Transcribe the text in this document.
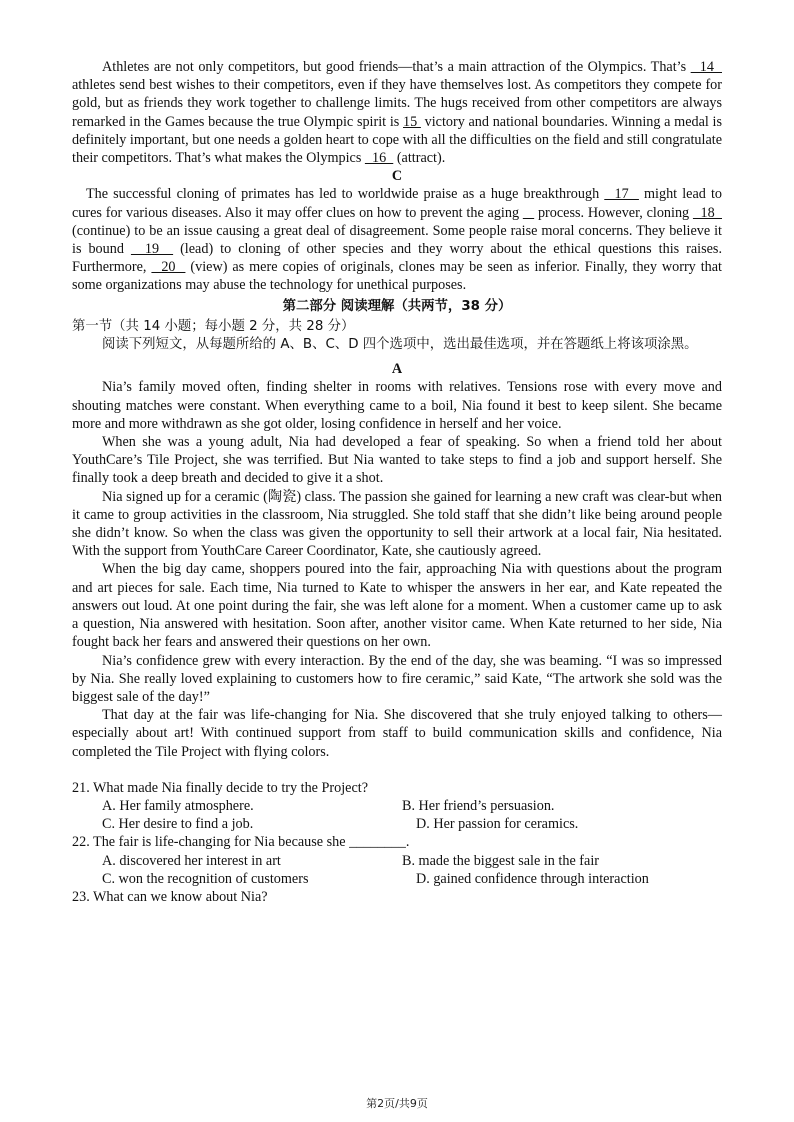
Athletes are not only competitors, but good friends—that’s a main attraction of the Olympics. That’s   14   athletes send best wishes to their competitors, even if they have themselves lost. As competitors they compete for gold, but as friends they work together to challenge limits. The hugs received from other competitors are always remarked in the Games because the true Olympic spirit is 15  victory and national boundaries. Winning a medal is definitely important, but one needs a golden heart to cope with all the difficulties on the field and still congratulate their competitors. That’s what makes the Olympics   16   (attract).

C

The successful cloning of primates has led to worldwide praise as a huge breakthrough   17   might lead to cures for various diseases. Also it may offer clues on how to prevent the aging     process. However, cloning   18   (continue) to be an issue causing a great deal of disagreement. Some people raise moral concerns. They believe it is bound   19   (lead) to cloning of other species and they worry about the ethical questions this raises. Furthermore,   20   (view) as mere copies of originals, clones may be seen as inferior. Finally, they worry that some organizations may abuse the technology for unethical purposes.

第二部分 阅读理解（共两节，38 分）

第一节（共 14 小题；每小题 2 分，共 28 分）

阅读下列短文，从每题所给的 A、B、C、D 四个选项中，选出最佳选项，并在答题纸上将该项涂黑。

A

Nia’s family moved often, finding shelter in rooms with relatives. Tensions rose with every move and shouting matches were constant. When everything came to a boil, Nia found it best to keep silent. She became more and more withdrawn as she got older, losing confidence in herself and her voice.

When she was a young adult, Nia had developed a fear of speaking. So when a friend told her about YouthCare’s Tile Project, she was terrified. But Nia wanted to take steps to find a job and support herself. She finally took a deep breath and decided to give it a shot.

Nia signed up for a ceramic (陶瓷) class. The passion she gained for learning a new craft was clear-but when it came to group activities in the classroom, Nia struggled. She told staff that she didn’t like being around people she didn’t know. So when the class was given the opportunity to sell their artwork at a local fair, Nia hesitated. With the support from YouthCare Career Coordinator, Kate, she cautiously agreed.

When the big day came, shoppers poured into the fair, approaching Nia with questions about the program and art pieces for sale. Each time, Nia turned to Kate to whisper the answers in her ear, and Kate repeated the answers out loud. At one point during the fair, she was left alone for a moment. When a customer came up to ask a question, Nia answered with hesitation. Soon after, another visitor came. When Kate returned to her side, Nia fought back her fears and answered their questions on her own.

Nia’s confidence grew with every interaction. By the end of the day, she was beaming. “I was so impressed by Nia. She really loved explaining to customers how to fire ceramic,” said Kate, “The artwork she sold was the biggest sale of the day!”

That day at the fair was life-changing for Nia. She discovered that she truly enjoyed talking to others—especially about art! With continued support from staff to build communication skills and confidence, Nia completed the Tile Project with flying colors.

21. What made Nia finally decide to try the Project?

A. Her family atmosphere.	B. Her friend’s persuasion.
C. Her desire to find a job.	D. Her passion for ceramics.

22. The fair is life-changing for Nia because she ________.

A. discovered her interest in art	B. made the biggest sale in the fair
C. won the recognition of customers	D. gained confidence through interaction

23. What can we know about Nia?

第2页/共9页
